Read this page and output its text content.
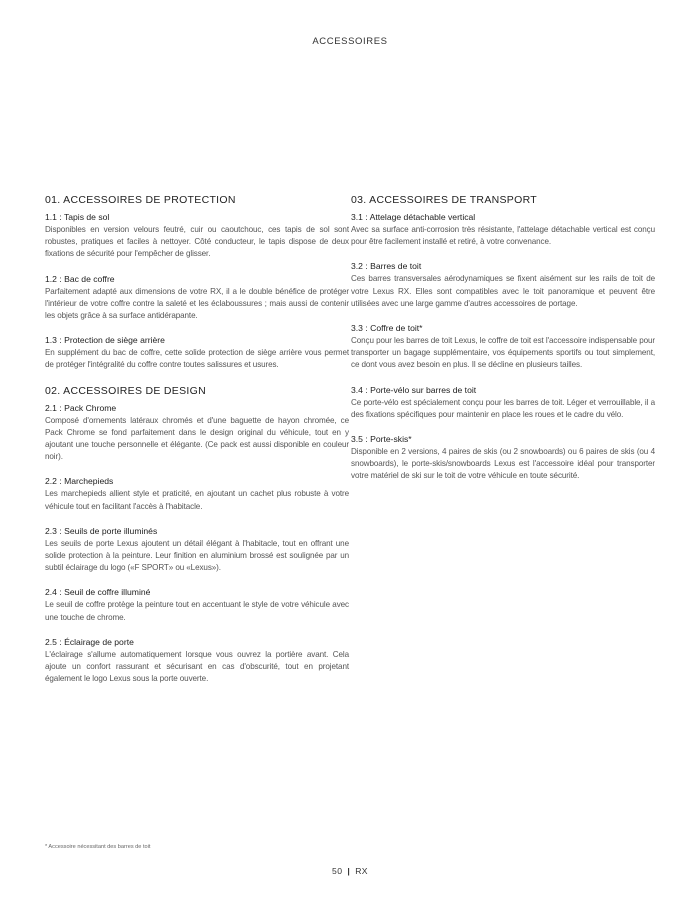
ACCESSOIRES
01. ACCESSOIRES DE PROTECTION
1.1 : Tapis de sol
Disponibles en version velours feutré, cuir ou caoutchouc, ces tapis de sol sont robustes, pratiques et faciles à nettoyer. Côté conducteur, le tapis dispose de deux fixations de sécurité pour l'empêcher de glisser.
1.2 : Bac de coffre
Parfaitement adapté aux dimensions de votre RX, il a le double bénéfice de protéger l'intérieur de votre coffre contre la saleté et les éclaboussures ; mais aussi de contenir les objets grâce à sa surface antidérapante.
1.3 : Protection de siège arrière
En supplément du bac de coffre, cette solide protection de siège arrière vous permet de protéger l'intégralité du coffre contre toutes salissures et usures.
02. ACCESSOIRES DE DESIGN
2.1 : Pack Chrome
Composé d'ornements latéraux chromés et d'une baguette de hayon chromée, ce Pack Chrome se fond parfaitement dans le design original du véhicule, tout en y ajoutant une touche personnelle et élégante. (Ce pack est aussi disponible en couleur noir).
2.2 : Marchepieds
Les marchepieds allient style et praticité, en ajoutant un cachet plus robuste à votre véhicule tout en facilitant l'accès à l'habitacle.
2.3 : Seuils de porte illuminés
Les seuils de porte Lexus ajoutent un détail élégant à l'habitacle, tout en offrant une solide protection à la peinture. Leur finition en aluminium brossé est soulignée par un subtil éclairage du logo («F SPORT» ou «Lexus»).
2.4 : Seuil de coffre illuminé
Le seuil de coffre protège la peinture tout en accentuant le style de votre véhicule avec une touche de chrome.
2.5 : Éclairage de porte
L'éclairage s'allume automatiquement lorsque vous ouvrez la portière avant. Cela ajoute un confort rassurant et sécurisant en cas d'obscurité, tout en projetant également le logo Lexus sous la porte ouverte.
03. ACCESSOIRES DE TRANSPORT
3.1 : Attelage détachable vertical
Avec sa surface anti-corrosion très résistante, l'attelage détachable vertical est conçu pour être facilement installé et retiré, à votre convenance.
3.2 : Barres de toit
Ces barres transversales aérodynamiques se fixent aisément sur les rails de toit de votre Lexus RX. Elles sont compatibles avec le toit panoramique et peuvent être utilisées avec une large gamme d'autres accessoires de portage.
3.3 : Coffre de toit*
Conçu pour les barres de toit Lexus, le coffre de toit est l'accessoire indispensable pour transporter un bagage supplémentaire, vos équipements sportifs ou tout simplement, ce dont vous avez besoin en plus. Il se décline en plusieurs tailles.
3.4 : Porte-vélo sur barres de toit
Ce porte-vélo est spécialement conçu pour les barres de toit. Léger et verrouillable, il a des fixations spécifiques pour maintenir en place les roues et le cadre du vélo.
3.5 : Porte-skis*
Disponible en 2 versions, 4 paires de skis (ou 2 snowboards) ou 6 paires de skis (ou 4 snowboards), le porte-skis/snowboards Lexus est l'accessoire idéal pour transporter votre matériel de ski sur le toit de votre véhicule en toute sécurité.
* Accessoire nécessitant des barres de toit
50 | RX
